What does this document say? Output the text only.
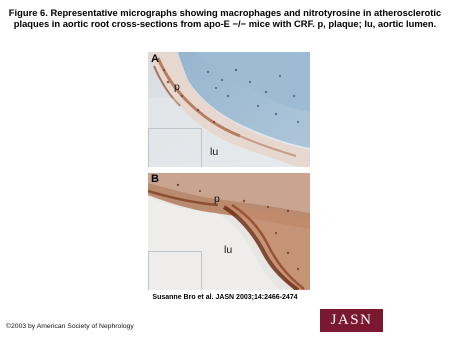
Figure 6. Representative micrographs showing macrophages and nitrotyrosine in atherosclerotic plaques in aortic root cross-sections from apo-E −/− mice with CRF. p, plaque; lu, aortic lumen.
A
p
lu
B
p
lu
Susanne Bro et al. JASN 2003;14:2466-2474
©2003 by American Society of Nephrology	JASN
